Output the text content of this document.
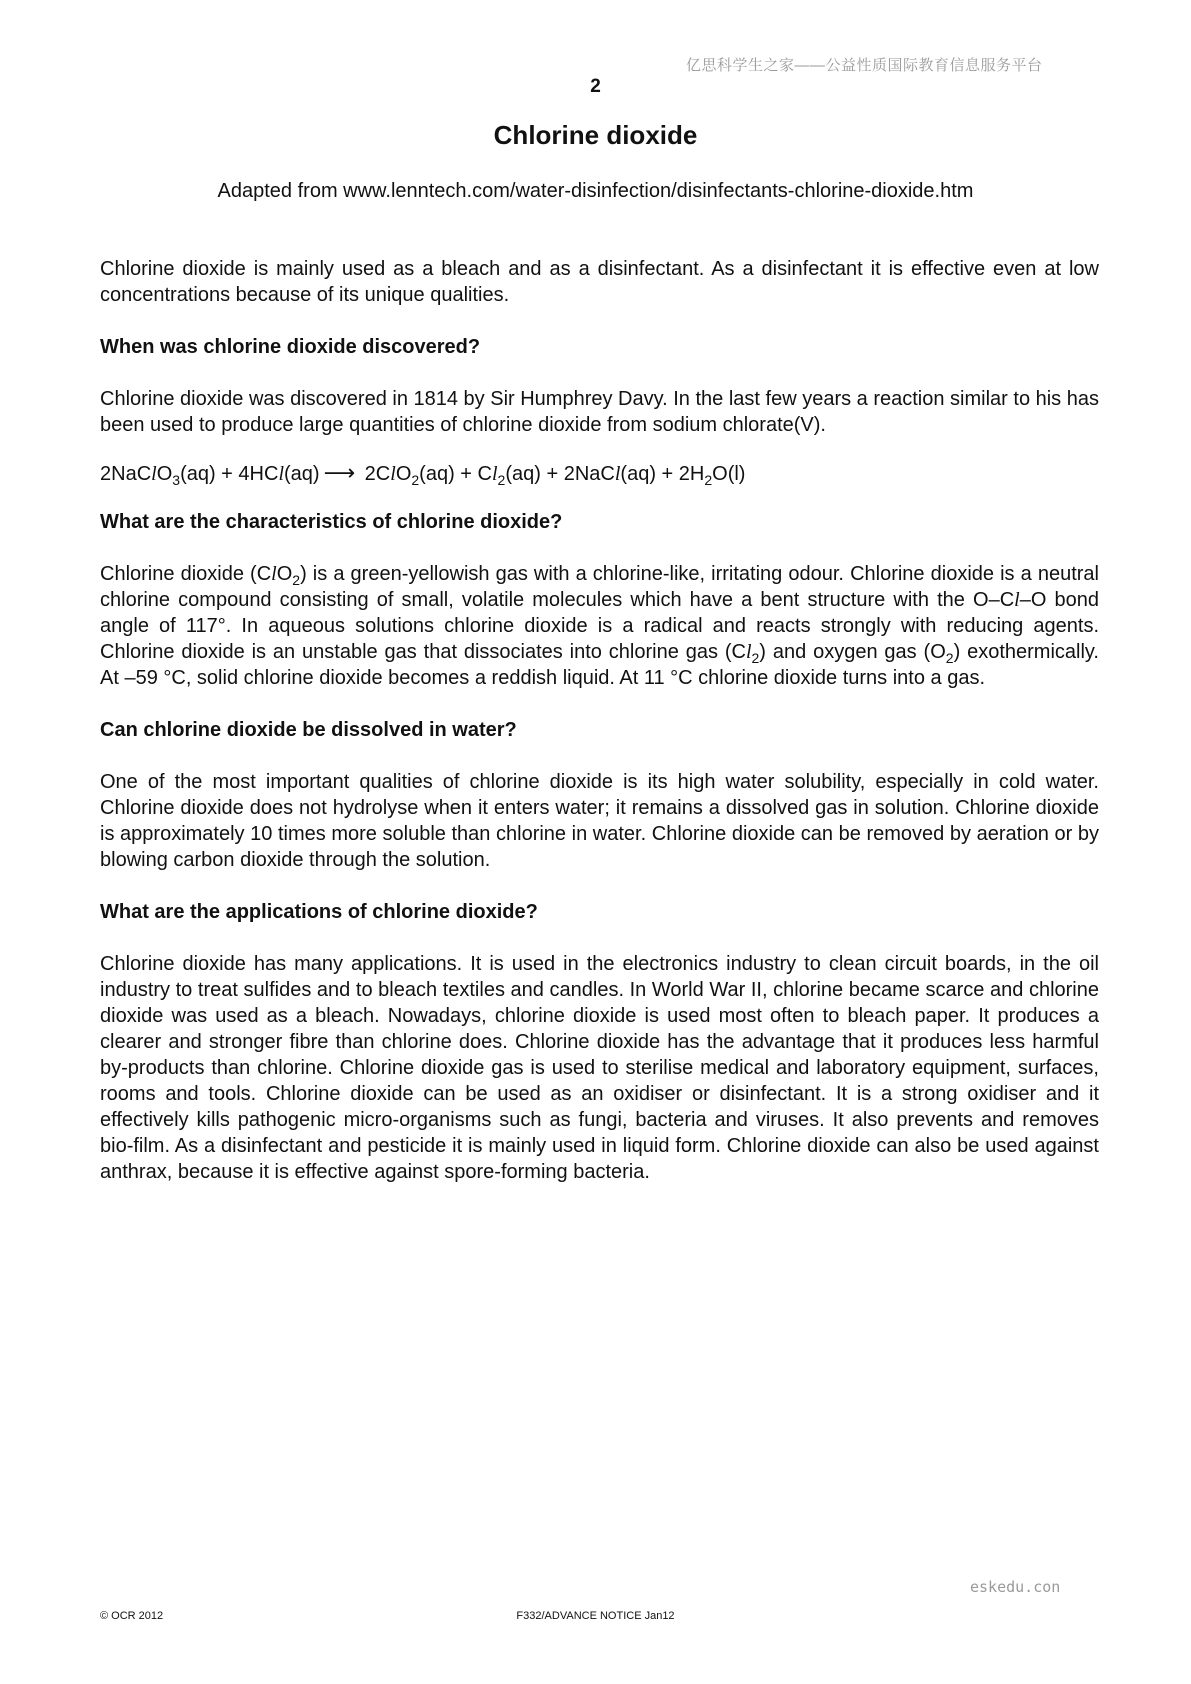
亿思科学生之家——公益性质国际教育信息服务平台
2
Chlorine dioxide

Adapted from www.lenntech.com/water-disinfection/disinfectants-chlorine-dioxide.htm

Chlorine dioxide is mainly used as a bleach and as a disinfectant. As a disinfectant it is effective even at low concentrations because of its unique qualities.

When was chlorine dioxide discovered?

Chlorine dioxide was discovered in 1814 by Sir Humphrey Davy. In the last few years a reaction similar to his has been used to produce large quantities of chlorine dioxide from sodium chlorate(V).

2NaClO$_3$(aq) + 4HCl(aq) ⟶ $2ClO_2(aq) + Cl_2(aq)$ + 2NaCl(aq) + $2H_2O(l)$

What are the characteristics of chlorine dioxide?

Chlorine dioxide (ClO$_2$) is a green-yellowish gas with a chlorine-like, irritating odour. Chlorine dioxide is a neutral chlorine compound consisting of small, volatile molecules which have a bent structure with the O–Cl–O bond angle of 117°. In aqueous solutions chlorine dioxide is a radical and reacts strongly with reducing agents. Chlorine dioxide is an unstable gas that dissociates into chlorine gas $(Cl_2)$ and oxygen gas $(O_2)$ exothermically. At –59 °C, solid chlorine dioxide becomes a reddish liquid. At 11 °C chlorine dioxide turns into a gas.

Can chlorine dioxide be dissolved in water?

One of the most important qualities of chlorine dioxide is its high water solubility, especially in cold water. Chlorine dioxide does not hydrolyse when it enters water; it remains a dissolved gas in solution. Chlorine dioxide is approximately 10 times more soluble than chlorine in water. Chlorine dioxide can be removed by aeration or by blowing carbon dioxide through the solution.

What are the applications of chlorine dioxide?

Chlorine dioxide has many applications. It is used in the electronics industry to clean circuit boards, in the oil industry to treat sulfides and to bleach textiles and candles. In World War II, chlorine became scarce and chlorine dioxide was used as a bleach. Nowadays, chlorine dioxide is used most often to bleach paper. It produces a clearer and stronger fibre than chlorine does. Chlorine dioxide has the advantage that it produces less harmful by-products than chlorine. Chlorine dioxide gas is used to sterilise medical and laboratory equipment, surfaces, rooms and tools. Chlorine dioxide can be used as an oxidiser or disinfectant. It is a strong oxidiser and it effectively kills pathogenic micro-organisms such as fungi, bacteria and viruses. It also prevents and removes bio-film. As a disinfectant and pesticide it is mainly used in liquid form. Chlorine dioxide can also be used against anthrax, because it is effective against spore-forming bacteria.

eskedu.con
© OCR 2012	F332/ADVANCE NOTICE Jan12
